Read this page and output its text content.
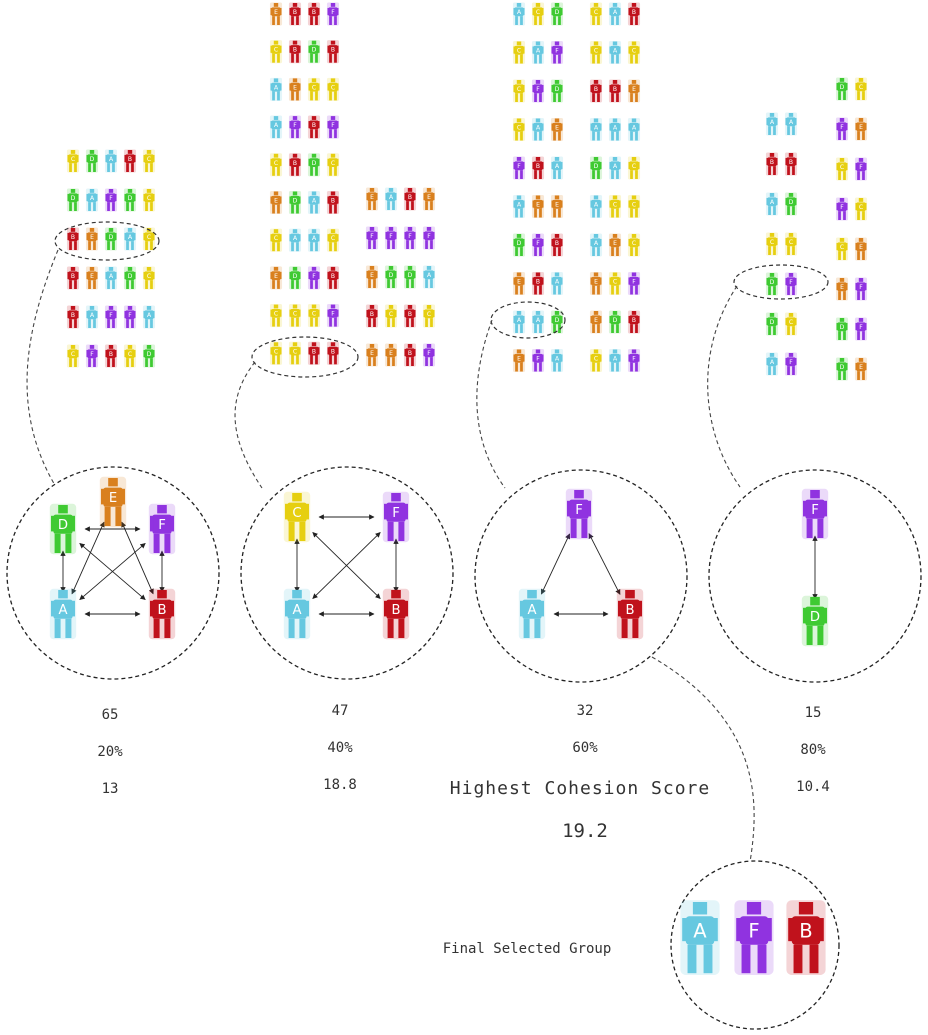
C D A B C
D A F D C
B E D A C
B E A D C
B A F F A
C F B C D
E B B F
C B D B
A E C C
A F B F
C B D C
E D A B
C A A C
E D F B
C C C F
C C B B
E A B E
F F F F
E D D A
B C B C
E E B F
A C D
C A F
C F D
C A E
F B A
A E E
D F B
E B A
A A D
E F A
C A B
C A C
B B E
A A A
D A C
A C C
A E C
E C F
E D B
C A F
A A
B B
A D
C C
D F
D C
A F
D C
F E
C F
F C
C E
E F
D F
D E
A	B
D
E
F
A	B
C	F
A	B
F
D
F
A	F	B
65
20%
13
47
40%
18.8
32
60%
15
80%
10.4
Highest Cohesion Score
19.2
Final Selected Group
